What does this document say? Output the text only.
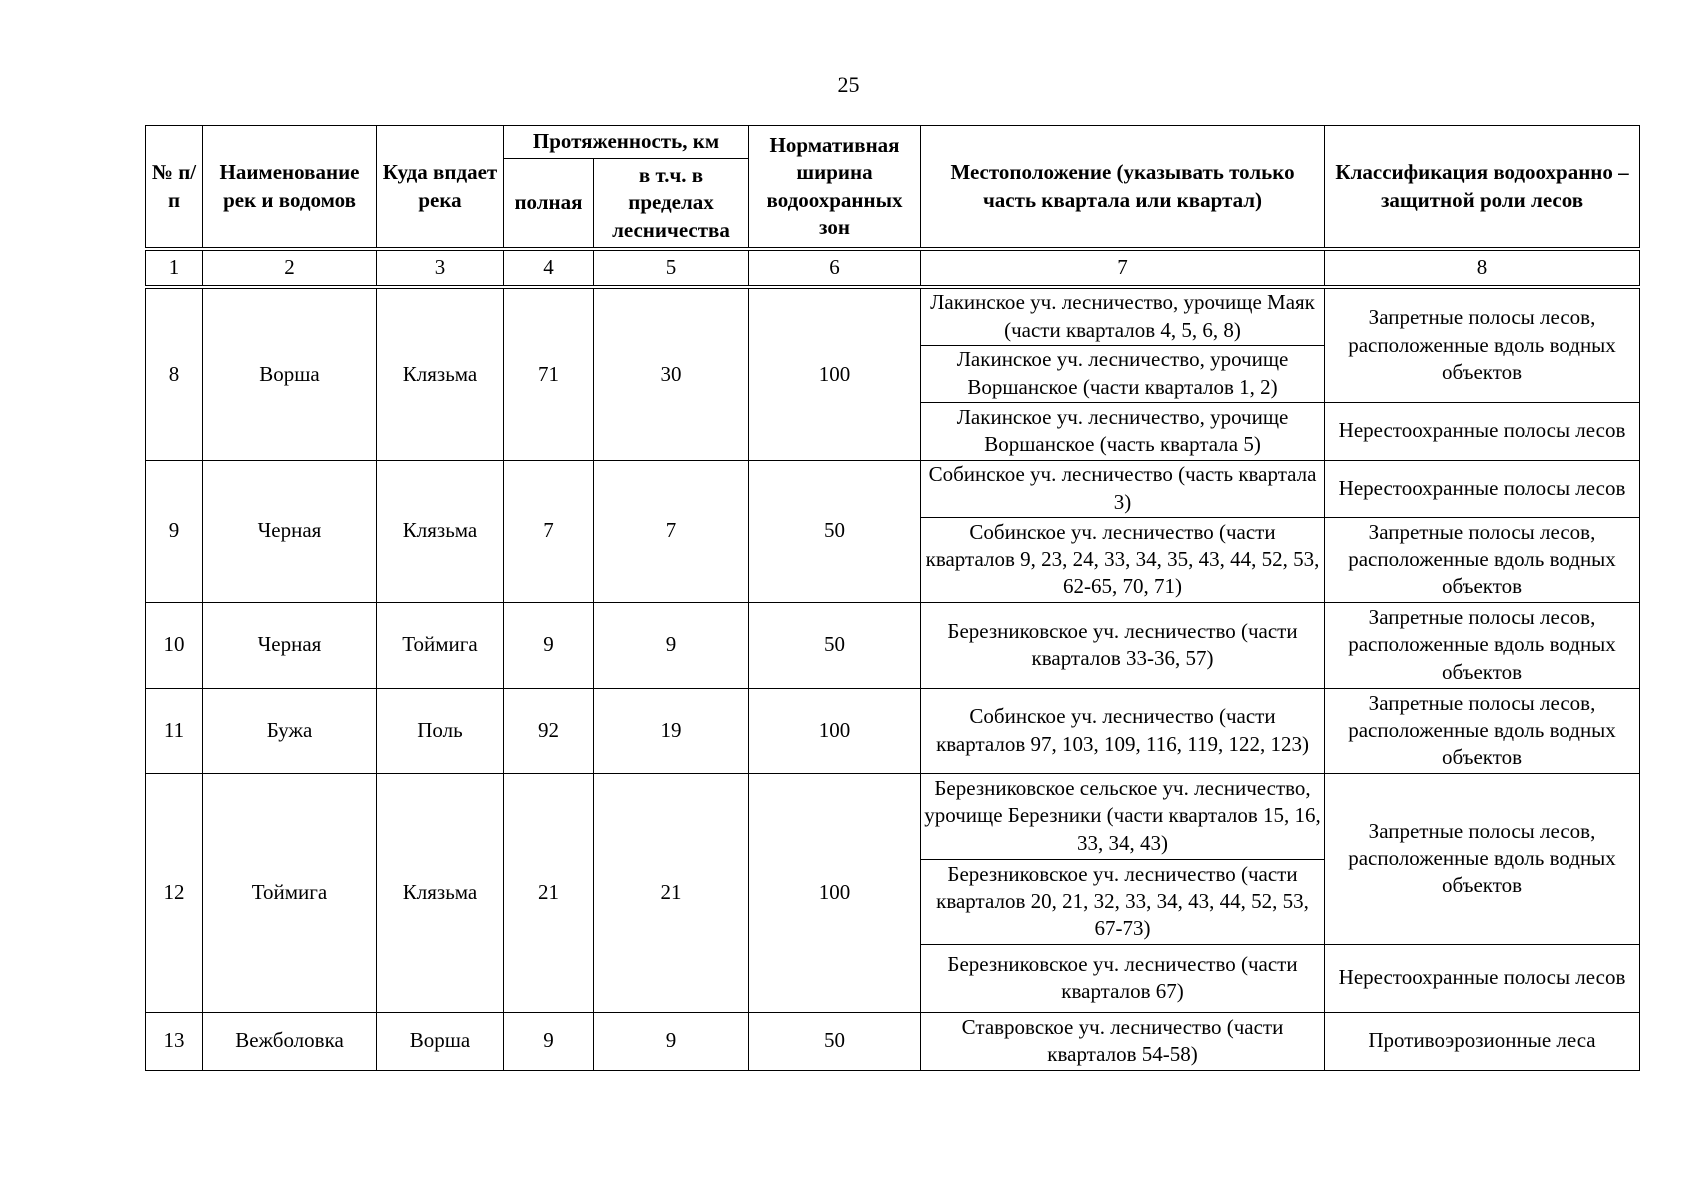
25
№ п/п	Наименование рек и водомов	Куда впдает река	Протяженность, км		Нормативная ширина водоохранных зон	Местоположение (указывать только часть квартала или квартал)	Классификация водоохранно – защитной роли лесов
			полная	в т.ч. в пределах лесничества			
1	2	3	4	5	6	7	8
8	Ворша	Клязьма	71	30	100	Лакинское уч. лесничество, урочище Маяк (части кварталов 4, 5, 6, 8)	Запретные полосы лесов, расположенные вдоль водных объектов
						Лакинское уч. лесничество, урочище Воршанское (части кварталов 1, 2)	
						Лакинское уч. лесничество, урочище Воршанское (часть квартала 5)	Нерестоохранные полосы лесов
9	Черная	Клязьма	7	7	50	Собинское уч. лесничество (часть квартала 3)	Нерестоохранные полосы лесов
						Собинское уч. лесничество (части кварталов 9, 23, 24, 33, 34, 35, 43, 44, 52, 53, 62-65, 70, 71)	Запретные полосы лесов, расположенные вдоль водных объектов
10	Черная	Тоймига	9	9	50	Березниковское уч. лесничество (части кварталов 33-36, 57)	Запретные полосы лесов, расположенные вдоль водных объектов
11	Бужа	Поль	92	19	100	Собинское уч. лесничество (части кварталов 97, 103, 109, 116, 119, 122, 123)	Запретные полосы лесов, расположенные вдоль водных объектов
12	Тоймига	Клязьма	21	21	100	Березниковское сельское уч. лесничество, урочище Березники (части кварталов 15, 16, 33, 34, 43)	Запретные полосы лесов, расположенные вдоль водных объектов
						Березниковское уч. лесничество (части кварталов 20, 21, 32, 33, 34, 43, 44, 52, 53, 67-73)	
						Березниковское уч. лесничество (части кварталов 67)	Нерестоохранные полосы лесов
13	Вежболовка	Ворша	9	9	50	Ставровское уч. лесничество (части кварталов 54-58)	Противоэрозионные леса
